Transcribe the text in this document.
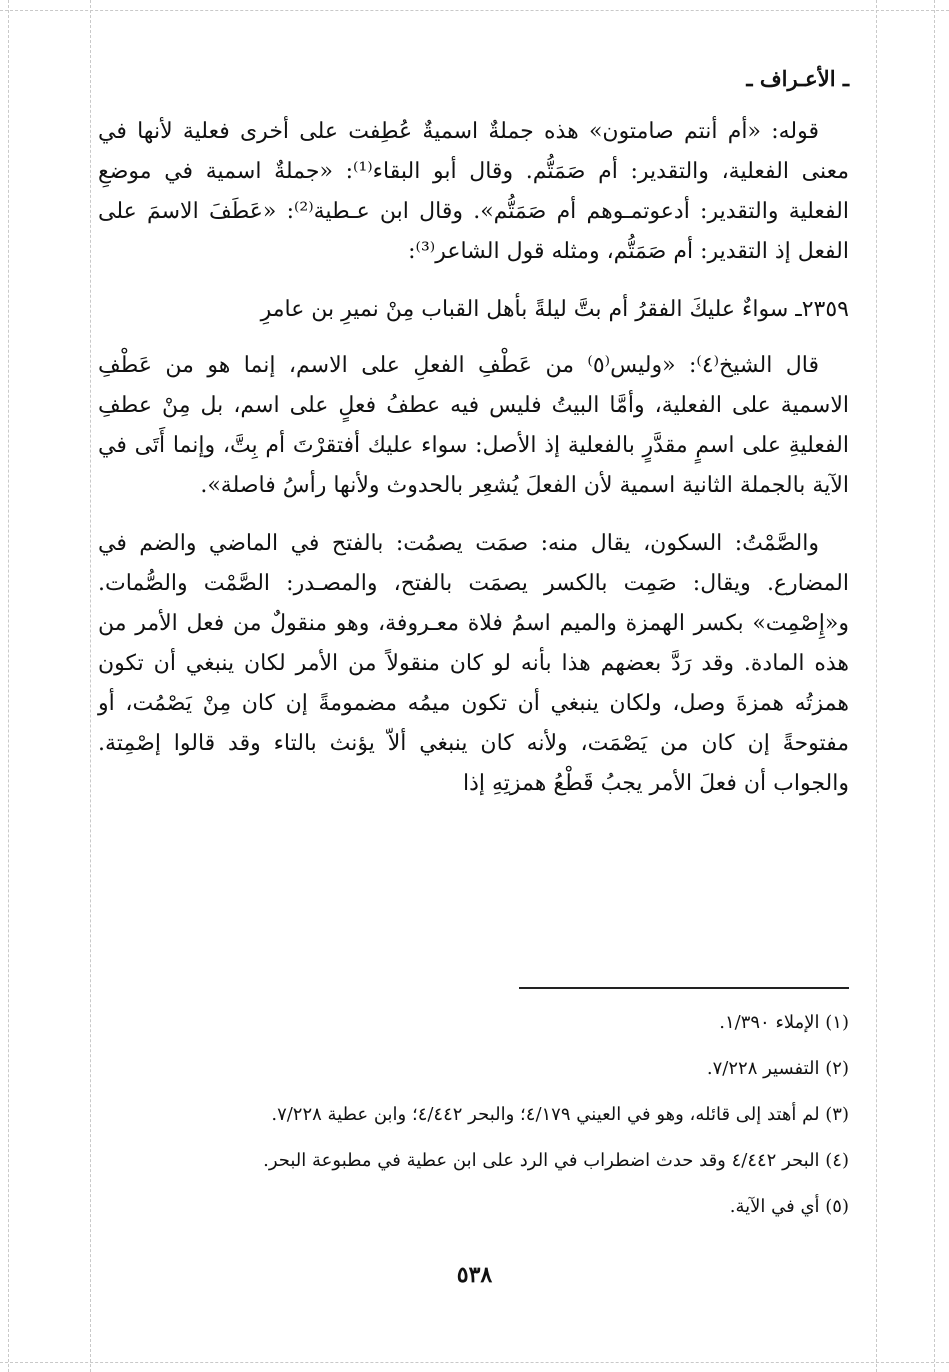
ـ الأعـراف ـ

قوله: «أم أنتم صامتون» هذه جملةٌ اسميةٌ عُطِفت على أخرى فعلية لأنها في معنى الفعلية، والتقدير: أم صَمَتُّم. وقال أبو البقاء⁽¹⁾: «جملةٌ اسمية في موضعِ الفعلية والتقدير: أدعوتمـوهم أم صَمَتُّم». وقال ابن عـطية⁽²⁾: «عَطَفَ الاسمَ على الفعل إذ التقدير: أم صَمَتُّم، ومثله قول الشاعر⁽³⁾:

٢٣٥٩ـ سواءٌ عليكَ الفقرُ أم بتَّ ليلةً بأهل القباب مِنْ نميرِ بن عامرِ

قال الشيخ⁽٤⁾: «وليس⁽٥⁾ من عَطْفِ الفعلِ على الاسم، إنما هو من عَطْفِ الاسمية على الفعلية، وأمَّا البيتُ فليس فيه عطفُ فعلٍ على اسم، بل مِنْ عطفِ الفعليةِ على اسمٍ مقدَّرٍ بالفعلية إذ الأصل: سواء عليك أفتقرْتَ أم بِتَّ، وإنما أَتَى في الآية بالجملة الثانية اسمية لأن الفعلَ يُشعِر بالحدوث ولأنها رأسُ فاصلة».

والصَّمْتُ: السكون، يقال منه: صمَت يصمُت: بالفتح في الماضي والضم في المضارع. ويقال: صَمِت بالكسر يصمَت بالفتح، والمصـدر: الصَّمْت والصُّمات. و«إِصْمِت» بكسر الهمزة والميم اسمُ فلاة معـروفة، وهو منقولٌ من فعل الأمر من هذه المادة. وقد رَدَّ بعضهم هذا بأنه لو كان منقولاً من الأمر لكان ينبغي أن تكون همزتُه همزةَ وصل، ولكان ينبغي أن تكون ميمُه مضمومةً إن كان مِنْ يَصْمُت، أو مفتوحةً إن كان من يَصْمَت، ولأنه كان ينبغي ألاّ يؤنث بالتاء وقد قالوا إصْمِتة. والجواب أن فعلَ الأمر يجبُ قَطْعُ همزتِهِ إذا

(١) الإملاء ١/٣٩٠.
(٢) التفسير ٧/٢٢٨.
(٣) لم أهتد إلى قائله، وهو في العيني ٤/١٧٩؛ والبحر ٤/٤٤٢؛ وابن عطية ٧/٢٢٨.
(٤) البحر ٤/٤٤٢ وقد حدث اضطراب في الرد على ابن عطية في مطبوعة البحر.
(٥) أي في الآية.
٥٣٨
